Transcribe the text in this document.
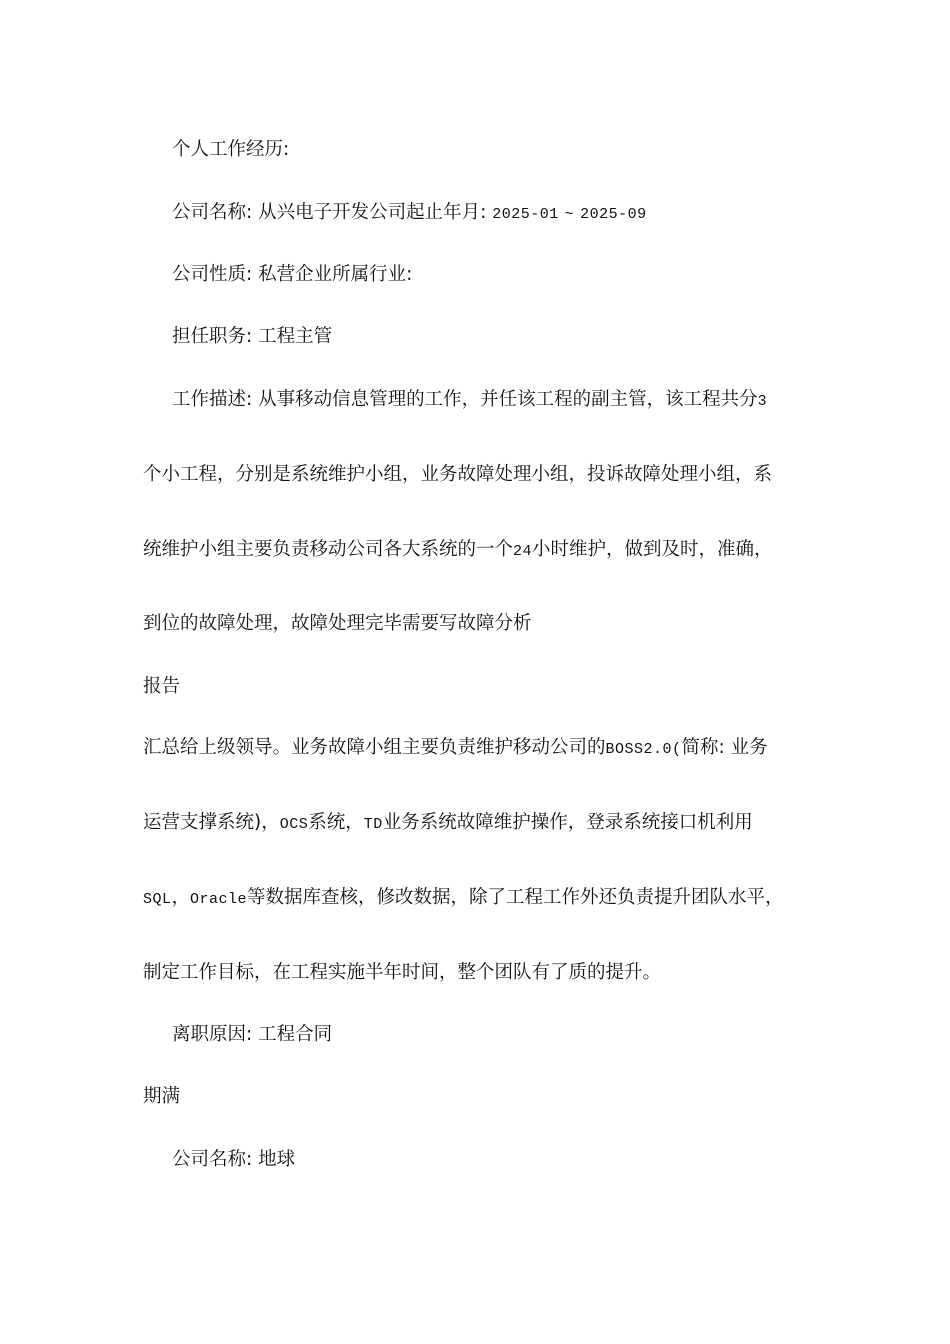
个人工作经历:
公司名称: 从兴电子开发公司起止年月: 2025-01 ~ 2025-09
公司性质: 私营企业所属行业:
担任职务: 工程主管
工作描述: 从事移动信息管理的工作，并任该工程的副主管，该工程共分3
个小工程，分别是系统维护小组，业务故障处理小组，投诉故障处理小组，系
统维护小组主要负责移动公司各大系统的一个24小时维护，做到及时，准确，
到位的故障处理，故障处理完毕需要写故障分析
报告
汇总给上级领导。业务故障小组主要负责维护移动公司的BOSS2.0(简称: 业务
运营支撑系统)，OCS系统，TD业务系统故障维护操作，登录系统接口机利用
SQL，Oracle等数据库查核，修改数据，除了工程工作外还负责提升团队水平，
制定工作目标，在工程实施半年时间，整个团队有了质的提升。
离职原因: 工程合同
期满
公司名称: 地球
